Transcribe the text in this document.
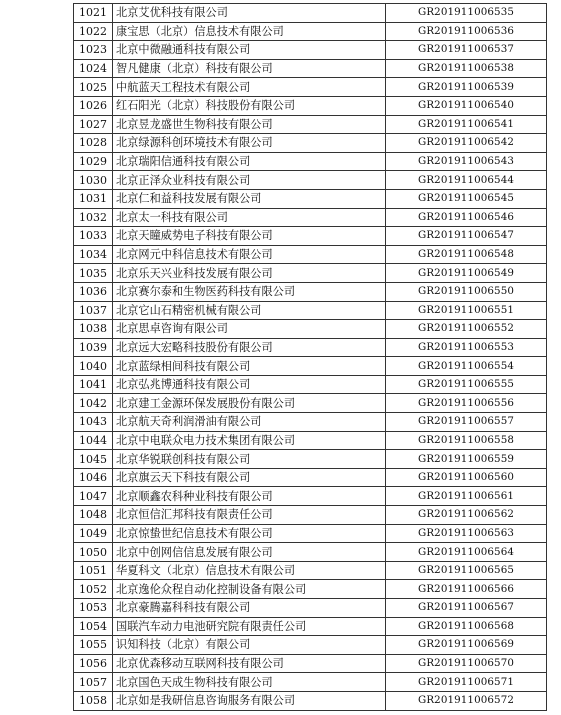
1021	北京艾优科技有限公司	GR201911006535
1022	康宝思（北京）信息技术有限公司	GR201911006536
1023	北京中微融通科技有限公司	GR201911006537
1024	智凡健康（北京）科技有限公司	GR201911006538
1025	中航蓝天工程技术有限公司	GR201911006539
1026	红石阳光（北京）科技股份有限公司	GR201911006540
1027	北京昱龙盛世生物科技有限公司	GR201911006541
1028	北京绿源科创环境技术有限公司	GR201911006542
1029	北京瑞阳信通科技有限公司	GR201911006543
1030	北京正泽众业科技有限公司	GR201911006544
1031	北京仁和益科技发展有限公司	GR201911006545
1032	北京太一科技有限公司	GR201911006546
1033	北京天瞳威势电子科技有限公司	GR201911006547
1034	北京网元中科信息技术有限公司	GR201911006548
1035	北京乐天兴业科技发展有限公司	GR201911006549
1036	北京赛尔泰和生物医药科技有限公司	GR201911006550
1037	北京它山石精密机械有限公司	GR201911006551
1038	北京思卓咨询有限公司	GR201911006552
1039	北京远大宏略科技股份有限公司	GR201911006553
1040	北京蓝绿相间科技有限公司	GR201911006554
1041	北京弘兆博通科技有限公司	GR201911006555
1042	北京建工金源环保发展股份有限公司	GR201911006556
1043	北京航天奇利润滑油有限公司	GR201911006557
1044	北京中电联众电力技术集团有限公司	GR201911006558
1045	北京华锐联创科技有限公司	GR201911006559
1046	北京旗云天下科技有限公司	GR201911006560
1047	北京顺鑫农科种业科技有限公司	GR201911006561
1048	北京恒信汇邦科技有限责任公司	GR201911006562
1049	北京惊蛰世纪信息技术有限公司	GR201911006563
1050	北京中创网信信息发展有限公司	GR201911006564
1051	华夏科文（北京）信息技术有限公司	GR201911006565
1052	北京逸伦众程自动化控制设备有限公司	GR201911006566
1053	北京豪腾嘉科科技有限公司	GR201911006567
1054	国联汽车动力电池研究院有限责任公司	GR201911006568
1055	识知科技（北京）有限公司	GR201911006569
1056	北京优森移动互联网科技有限公司	GR201911006570
1057	北京国色天成生物科技有限公司	GR201911006571
1058	北京如是我研信息咨询服务有限公司	GR201911006572
